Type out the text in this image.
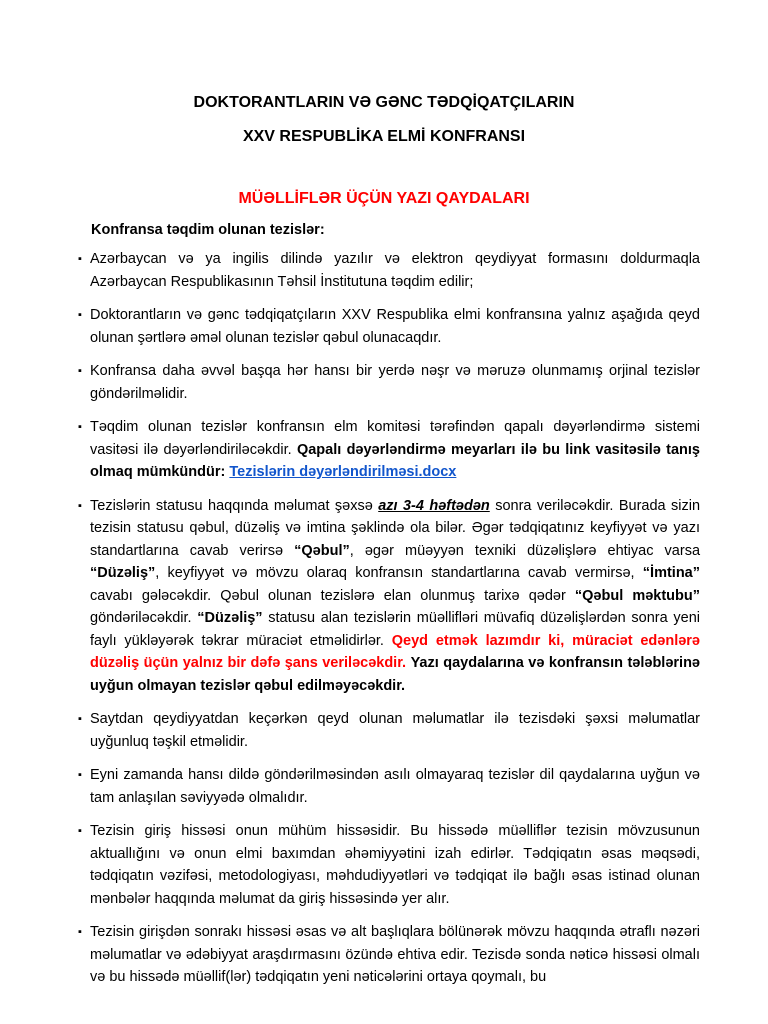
DOKTORANTLARIN VƏ GƏNC TƏDQİQATÇILARIN
XXV RESPUBLİKA ELMİ KONFRANSI
MÜƏLLİFLƏR ÜÇÜN YAZI QAYDALARI
Konfransa təqdim olunan tezislər:
▪ Azərbaycan və ya ingilis dilində yazılır və elektron qeydiyyat formasını doldurmaqla Azərbaycan Respublikasının Təhsil İnstitutuna təqdim edilir;
▪ Doktorantların və gənc tədqiqatçıların XXV Respublika elmi konfransına yalnız aşağıda qeyd olunan şərtlərə əməl olunan tezislər qəbul olunacaqdır.
▪ Konfransa daha əvvəl başqa hər hansı bir yerdə nəşr və məruzə olunmamış orjinal tezislər göndərilməlidir.
▪ Təqdim olunan tezislər konfransın elm komitəsi tərəfindən qapalı dəyərləndirmə sistemi vasitəsi ilə dəyərləndiriləcəkdir. Qapalı dəyərləndirmə meyarları ilə bu link vasitəsilə tanış olmaq mümkündür: Tezislərin dəyərləndirilməsi.docx
▪ Tezislərin statusu haqqında məlumat şəxsə azı 3-4 həftədən sonra veriləcəkdir. Burada sizin tezisin statusu qəbul, düzəliş və imtina şəklində ola bilər. Əgər tədqiqatınız keyfiyyət və yazı standartlarına cavab verirsə “Qəbul”, əgər müəyyən texniki düzəlişlərə ehtiyac varsa “Düzəliş”, keyfiyyət və mövzu olaraq konfransın standartlarına cavab vermirsə, “İmtina” cavabı gələcəkdir. Qəbul olunan tezislərə elan olunmuş tarixə qədər “Qəbul məktubu” göndəriləcəkdir. “Düzəliş” statusu alan tezislərin müəllifləri müvafiq düzəlişlərdən sonra yeni faylı yükləyərək təkrar müraciət etməlidirlər. Qeyd etmək lazımdır ki, müraciət edənlərə düzəliş üçün yalnız bir dəfə şans veriləcəkdir. Yazı qaydalarına və konfransın tələblərinə uyğun olmayan tezislər qəbul edilməyəcəkdir.
▪ Saytdan qeydiyyatdan keçərkən qeyd olunan məlumatlar ilə tezisdəki şəxsi məlumatlar uyğunluq təşkil etməlidir.
▪ Eyni zamanda hansı dildə göndərilməsindən asılı olmayaraq tezislər dil qaydalarına uyğun və tam anlaşılan səviyyədə olmalıdır.
▪ Tezisin giriş hissəsi onun mühüm hissəsidir. Bu hissədə müəlliflər tezisin mövzusunun aktuallığını və onun elmi baxımdan əhəmiyyətini izah edirlər. Tədqiqatın əsas məqsədi, tədqiqatın vəzifəsi, metodologiyası, məhdudiyyətləri və tədqiqat ilə bağlı əsas istinad olunan mənbələr haqqında məlumat da giriş hissəsində yer alır.
▪ Tezisin girişdən sonrakı hissəsi əsas və alt başlıqlara bölünərək mövzu haqqında ətraflı nəzəri məlumatlar və ədəbiyyat araşdırmasını özündə ehtiva edir. Tezisdə sonda nəticə hissəsi olmalı və bu hissədə müəllif(lər) tədqiqatın yeni nəticələrini ortaya qoymalı, bu
